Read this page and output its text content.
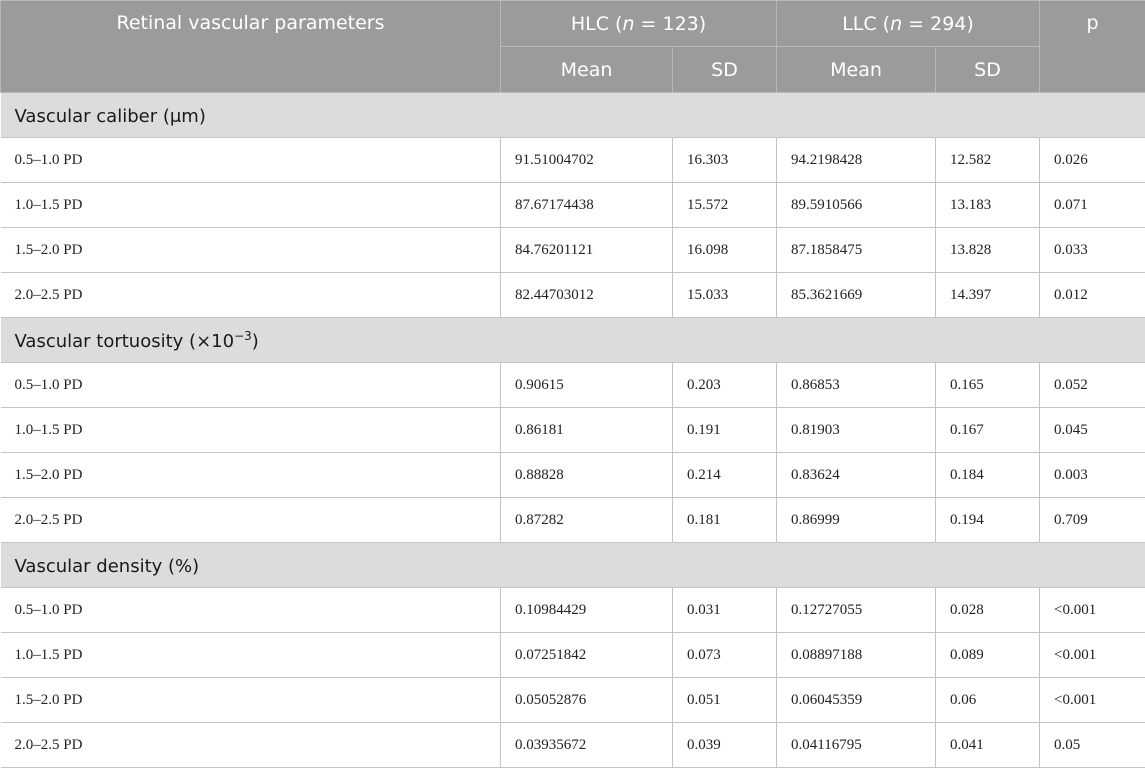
Retinal vascular parameters	HLC (n = 123)		LLC (n = 294)		p
	Mean	SD	Mean	SD	
Vascular caliber (μm)					
0.5–1.0 PD	91.51004702	16.303	94.2198428	12.582	0.026
1.0–1.5 PD	87.67174438	15.572	89.5910566	13.183	0.071
1.5–2.0 PD	84.76201121	16.098	87.1858475	13.828	0.033
2.0–2.5 PD	82.44703012	15.033	85.3621669	14.397	0.012
Vascular tortuosity $(\times 10^{-3})$					
0.5–1.0 PD	0.90615	0.203	0.86853	0.165	0.052
1.0–1.5 PD	0.86181	0.191	0.81903	0.167	0.045
1.5–2.0 PD	0.88828	0.214	0.83624	0.184	0.003
2.0–2.5 PD	0.87282	0.181	0.86999	0.194	0.709
Vascular density (%)					
0.5–1.0 PD	0.10984429	0.031	0.12727055	0.028	<0.001
1.0–1.5 PD	0.07251842	0.073	0.08897188	0.089	<0.001
1.5–2.0 PD	0.05052876	0.051	0.06045359	0.06	<0.001
2.0–2.5 PD	0.03935672	0.039	0.04116795	0.041	0.05
